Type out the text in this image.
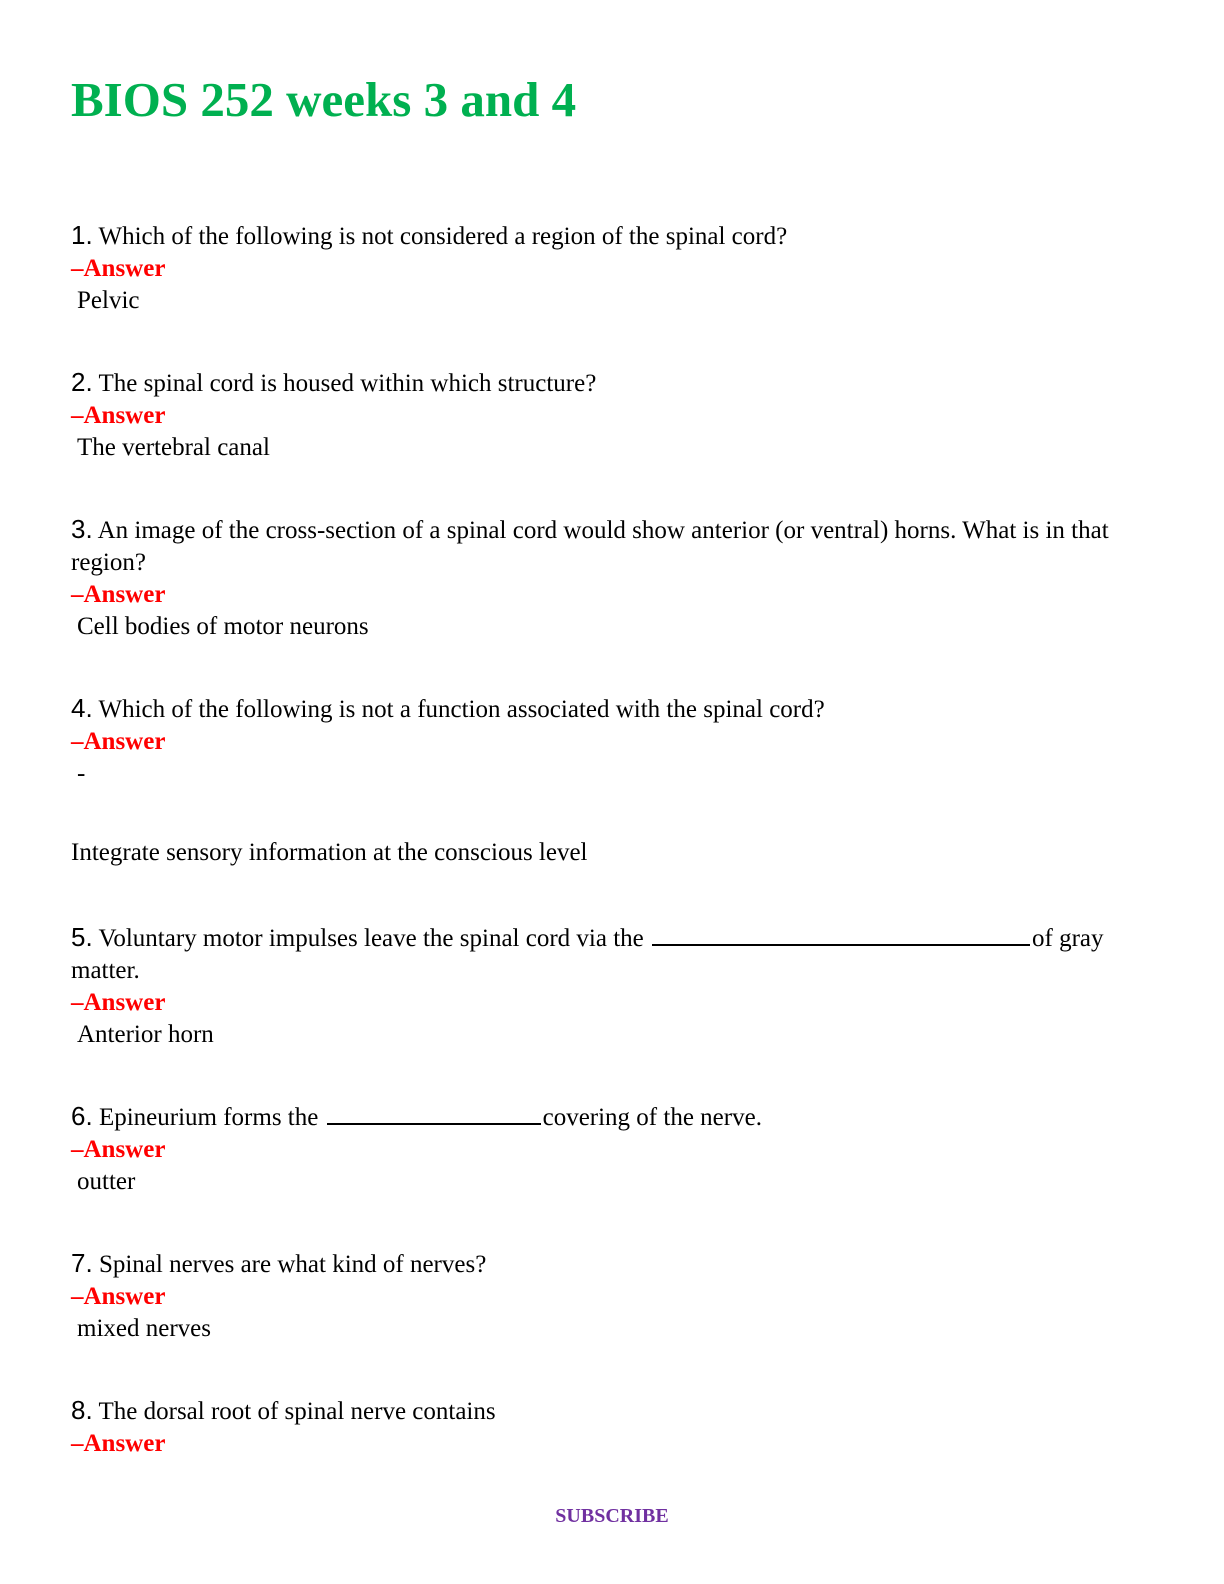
BIOS 252 weeks 3 and 4
1. Which of the following is not considered a region of the spinal cord?
–Answer
Pelvic
2. The spinal cord is housed within which structure?
–Answer
The vertebral canal
3. An image of the cross-section of a spinal cord would show anterior (or ventral) horns. What is in that region?
–Answer
Cell bodies of motor neurons
4. Which of the following is not a function associated with the spinal cord?
–Answer
-
Integrate sensory information at the conscious level
5. Voluntary motor impulses leave the spinal cord via the	of gray matter.
–Answer
Anterior horn
6. Epineurium forms the	covering of the nerve.
–Answer
outter
7. Spinal nerves are what kind of nerves?
–Answer
mixed nerves
8. The dorsal root of spinal nerve contains
–Answer
SUBSCRIBE
